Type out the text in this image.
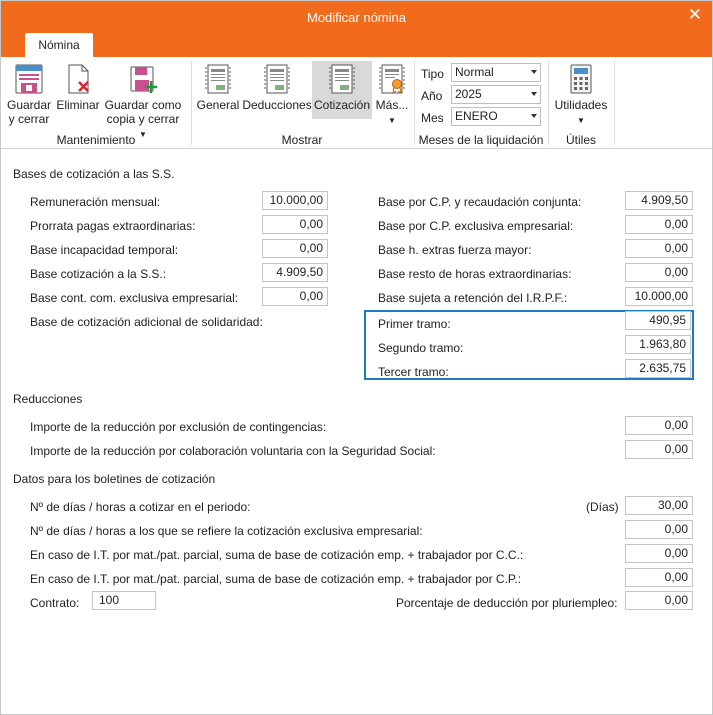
Modificar nómina	✕
Nómina
Guardar
y cerrar
Eliminar Guardar como
copia y cerrar ▼
Mantenimiento
General Deducciones Cotización Más...
▼
Mostrar
Tipo Normal
Año	2025
Mes ENERO
Meses de la liquidación
Utilidades
▼
Útiles
Bases de cotización a las S.S.
Remuneración mensual:	10.000,00
Prorrata pagas extraordinarias:	0,00
Base incapacidad temporal:	0,00
Base cotización a la S.S.:	4.909,50
Base cont. com. exclusiva empresarial:	0,00
Base de cotización adicional de solidaridad:
Base por C.P. y recaudación conjunta:	4.909,50
Base por C.P. exclusiva empresarial:	0,00
Base h. extras fuerza mayor:	0,00
Base resto de horas extraordinarias:	0,00
Base sujeta a retención del I.R.P.F.:	10.000,00
Primer tramo:	490,95
Segundo tramo:	1.963,80
Tercer tramo:	2.635,75
Reducciones
Importe de la reducción por exclusión de contingencias:	0,00
Importe de la reducción por colaboración voluntaria con la Seguridad Social:	0,00
Datos para los boletines de cotización
Nº de días / horas a cotizar en el periodo:	(Días)	30,00
Nº de días / horas a los que se refiere la cotización exclusiva empresarial:	0,00
En caso de I.T. por mat./pat. parcial, suma de base de cotización emp. + trabajador por C.C.:	0,00
En caso de I.T. por mat./pat. parcial, suma de base de cotización emp. + trabajador por C.P.:	0,00
Contrato:	100	Porcentaje de deducción por pluriempleo:	0,00
